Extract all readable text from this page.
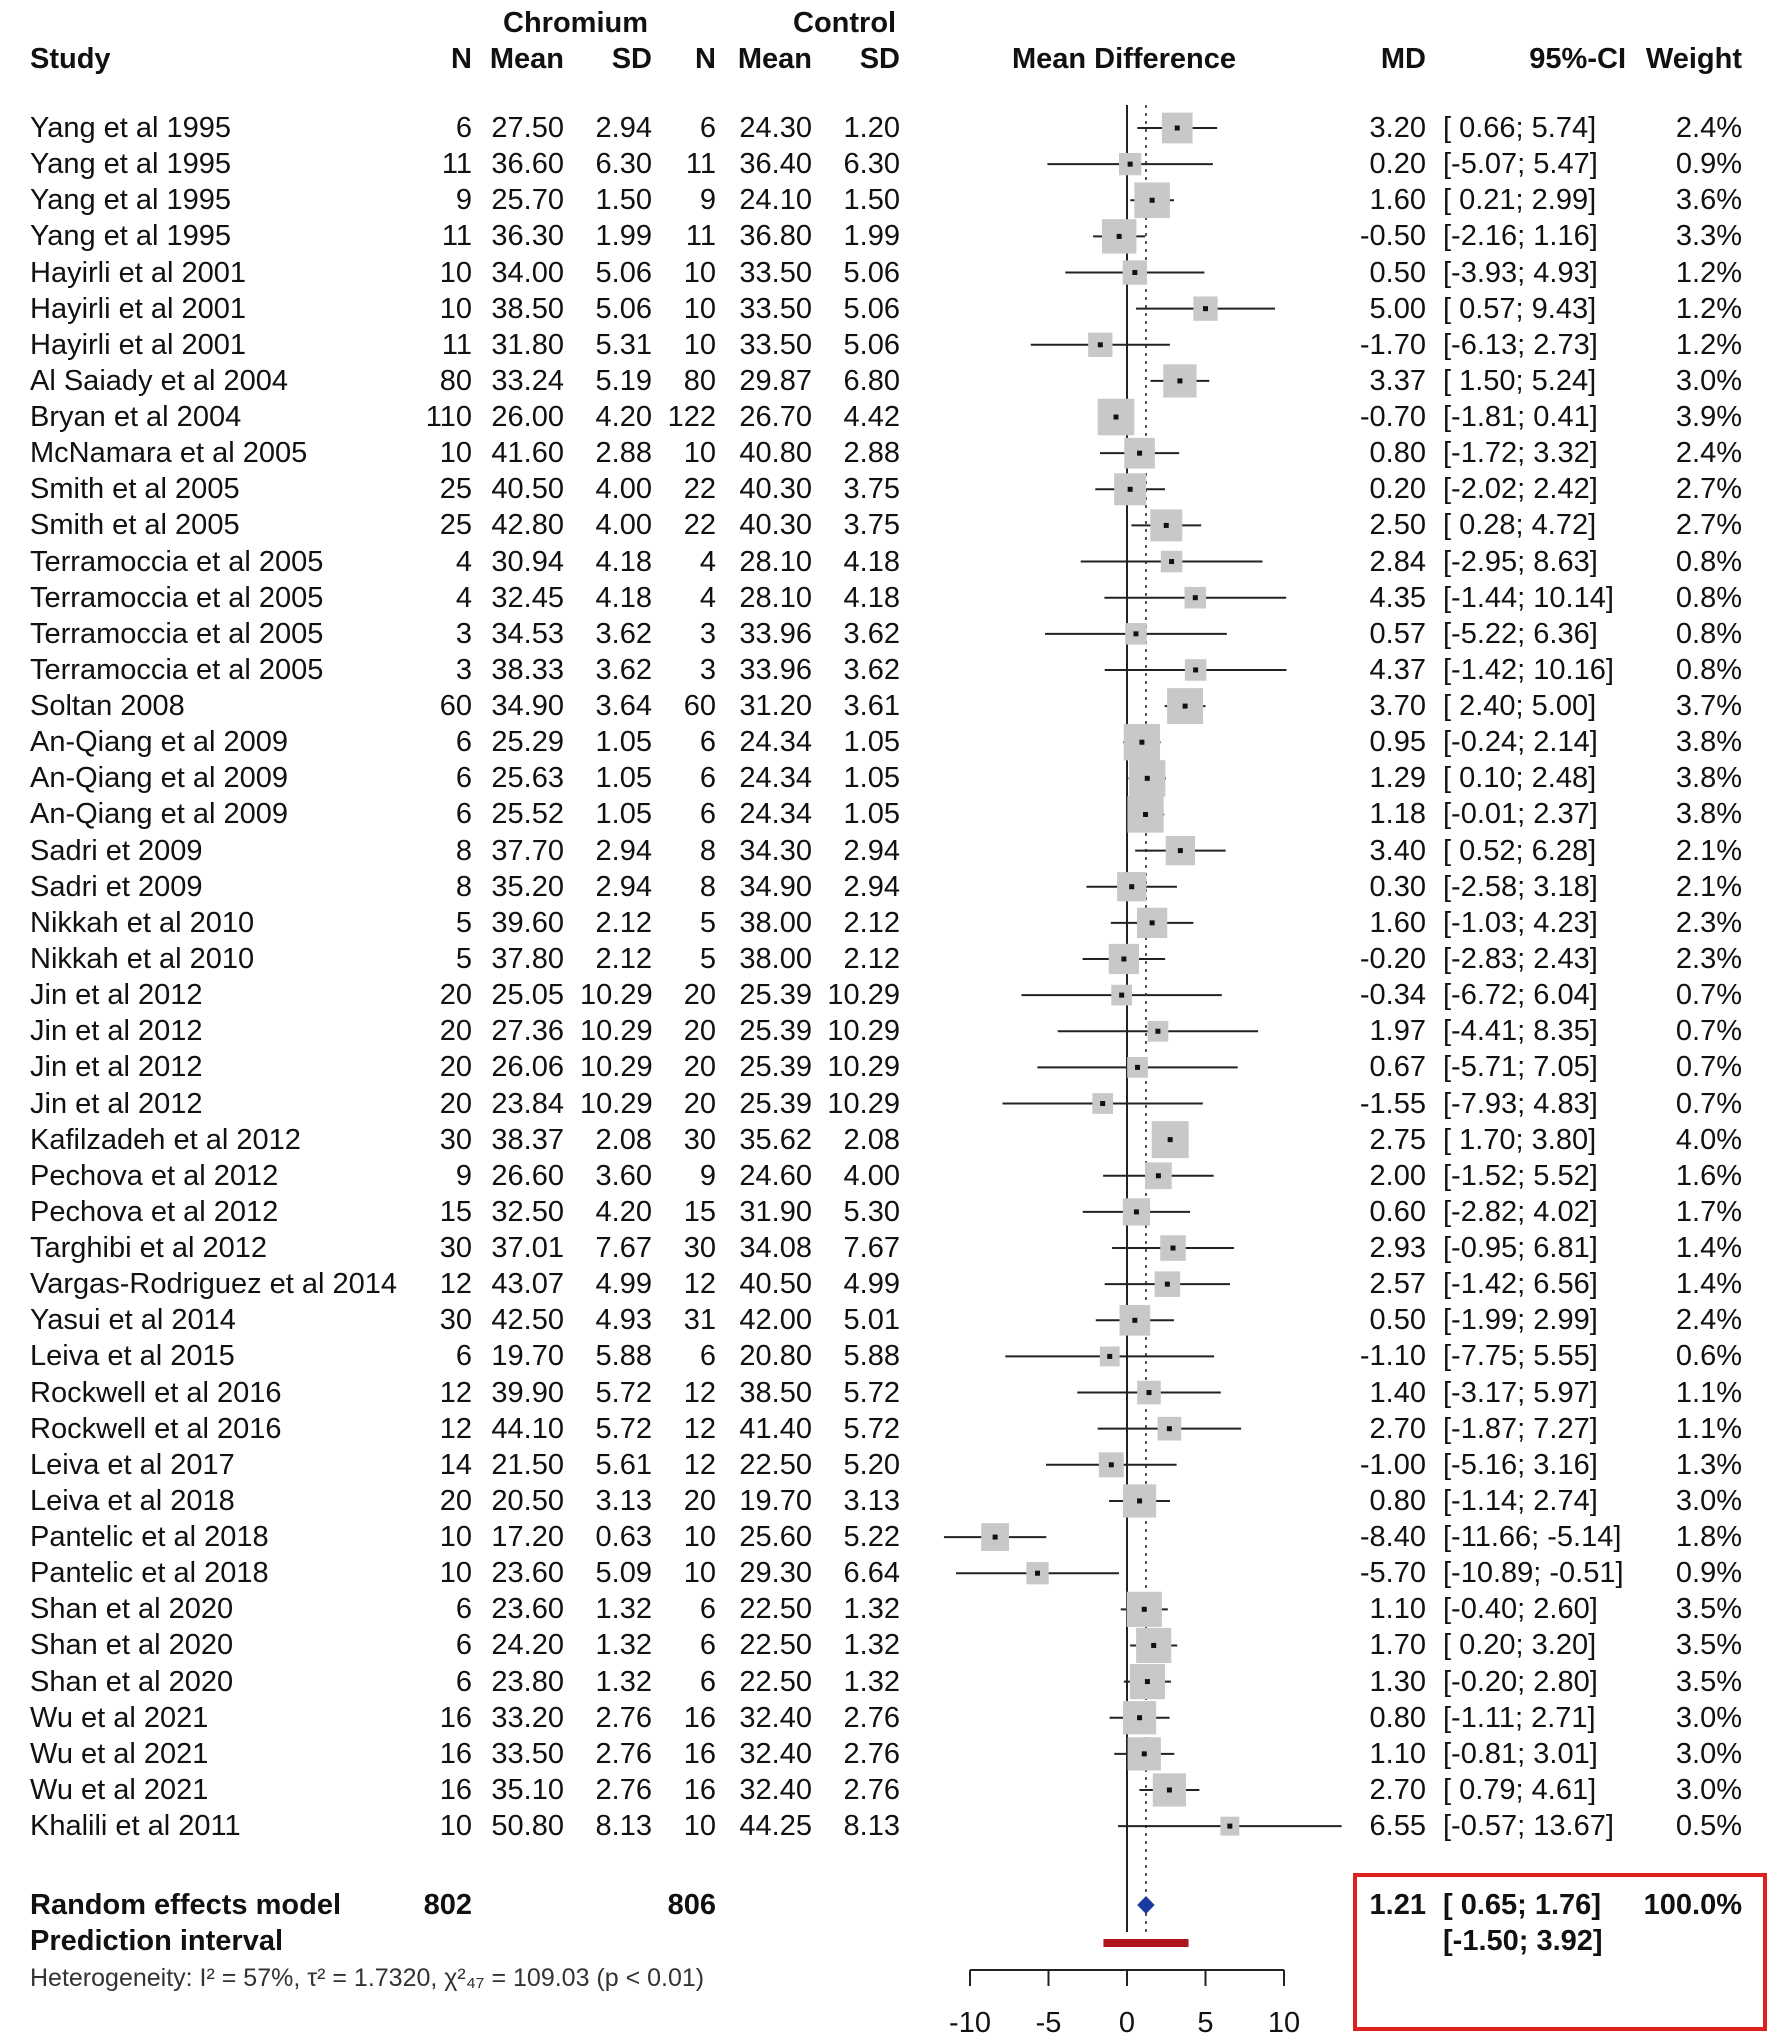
Chromium	Control
Study	N Mean	SD	N Mean	SD	Mean Difference	MD	95%-CI Weight
Yang et al 1995	6 27.50	2.94	6 24.30	1.20	3.20 [ 0.66; 5.74]	2.4%
Yang et al 1995	11 36.60	6.30	11 36.40	6.30	0.20 [-5.07; 5.47]	0.9%
Yang et al 1995	9 25.70	1.50	9 24.10	1.50	1.60 [ 0.21; 2.99]	3.6%
Yang et al 1995	11 36.30	1.99	11 36.80	1.99	-0.50 [-2.16; 1.16]	3.3%
Hayirli et al 2001	10 34.00	5.06	10 33.50	5.06	0.50 [-3.93; 4.93]	1.2%
Hayirli et al 2001	10 38.50	5.06	10 33.50	5.06	5.00 [ 0.57; 9.43]	1.2%
Hayirli et al 2001	11 31.80	5.31	10 33.50	5.06	-1.70 [-6.13; 2.73]	1.2%
Al Saiady et al 2004	80 33.24	5.19	80 29.87	6.80	3.37 [ 1.50; 5.24]	3.0%
Bryan et al 2004	110 26.00	4.20 122 26.70	4.42	-0.70 [-1.81; 0.41]	3.9%
McNamara et al 2005	10 41.60	2.88	10 40.80	2.88	0.80 [-1.72; 3.32]	2.4%
Smith et al 2005	25 40.50	4.00	22 40.30	3.75	0.20 [-2.02; 2.42]	2.7%
Smith et al 2005	25 42.80	4.00	22 40.30	3.75	2.50 [ 0.28; 4.72]	2.7%
Terramoccia et al 2005	4 30.94	4.18	4 28.10	4.18	2.84 [-2.95; 8.63]	0.8%
Terramoccia et al 2005	4 32.45	4.18	4 28.10	4.18	4.35 [-1.44; 10.14]	0.8%
Terramoccia et al 2005	3 34.53	3.62	3 33.96	3.62	0.57 [-5.22; 6.36]	0.8%
Terramoccia et al 2005	3 38.33	3.62	3 33.96	3.62	4.37 [-1.42; 10.16]	0.8%
Soltan 2008	60 34.90	3.64	60 31.20	3.61	3.70 [ 2.40; 5.00]	3.7%
An-Qiang et al 2009	6 25.29	1.05	6 24.34	1.05	0.95 [-0.24; 2.14]	3.8%
An-Qiang et al 2009	6 25.63	1.05	6 24.34	1.05	1.29 [ 0.10; 2.48]	3.8%
An-Qiang et al 2009	6 25.52	1.05	6 24.34	1.05	1.18 [-0.01; 2.37]	3.8%
Sadri et 2009	8 37.70	2.94	8 34.30	2.94	3.40 [ 0.52; 6.28]	2.1%
Sadri et 2009	8 35.20	2.94	8 34.90	2.94	0.30 [-2.58; 3.18]	2.1%
Nikkah et al 2010	5 39.60	2.12	5 38.00	2.12	1.60 [-1.03; 4.23]	2.3%
Nikkah et al 2010	5 37.80	2.12	5 38.00	2.12	-0.20 [-2.83; 2.43]	2.3%
Jin et al 2012	20 25.05 10.29	20 25.39 10.29	-0.34 [-6.72; 6.04]	0.7%
Jin et al 2012	20 27.36 10.29	20 25.39 10.29	1.97 [-4.41; 8.35]	0.7%
Jin et al 2012	20 26.06 10.29	20 25.39 10.29	0.67 [-5.71; 7.05]	0.7%
Jin et al 2012	20 23.84 10.29	20 25.39 10.29	-1.55 [-7.93; 4.83]	0.7%
Kafilzadeh et al 2012	30 38.37	2.08	30 35.62	2.08	2.75 [ 1.70; 3.80]	4.0%
Pechova et al 2012	9 26.60	3.60	9 24.60	4.00	2.00 [-1.52; 5.52]	1.6%
Pechova et al 2012	15 32.50	4.20	15 31.90	5.30	0.60 [-2.82; 4.02]	1.7%
Targhibi et al 2012	30 37.01	7.67	30 34.08	7.67	2.93 [-0.95; 6.81]	1.4%
Vargas-Rodriguez et al 2014	12 43.07	4.99	12 40.50	4.99	2.57 [-1.42; 6.56]	1.4%
Yasui et al 2014	30 42.50	4.93	31 42.00	5.01	0.50 [-1.99; 2.99]	2.4%
Leiva et al 2015	6 19.70	5.88	6 20.80	5.88	-1.10 [-7.75; 5.55]	0.6%
Rockwell et al 2016	12 39.90	5.72	12 38.50	5.72	1.40 [-3.17; 5.97]	1.1%
Rockwell et al 2016	12 44.10	5.72	12 41.40	5.72	2.70 [-1.87; 7.27]	1.1%
Leiva et al 2017	14 21.50	5.61	12 22.50	5.20	-1.00 [-5.16; 3.16]	1.3%
Leiva et al 2018	20 20.50	3.13	20 19.70	3.13	0.80 [-1.14; 2.74]	3.0%
Pantelic et al 2018	10 17.20	0.63	10 25.60	5.22	-8.40 [-11.66; -5.14]	1.8%
Pantelic et al 2018	10 23.60	5.09	10 29.30	6.64	-5.70 [-10.89; -0.51]	0.9%
Shan et al 2020	6 23.60	1.32	6 22.50	1.32	1.10 [-0.40; 2.60]	3.5%
Shan et al 2020	6 24.20	1.32	6 22.50	1.32	1.70 [ 0.20; 3.20]	3.5%
Shan et al 2020	6 23.80	1.32	6 22.50	1.32	1.30 [-0.20; 2.80]	3.5%
Wu et al 2021	16 33.20	2.76	16 32.40	2.76	0.80 [-1.11; 2.71]	3.0%
Wu et al 2021	16 33.50	2.76	16 32.40	2.76	1.10 [-0.81; 3.01]	3.0%
Wu et al 2021	16 35.10	2.76	16 32.40	2.76	2.70 [ 0.79; 4.61]	3.0%
Khalili et al 2011	10 50.80	8.13	10 44.25	8.13	6.55 [-0.57; 13.67]	0.5%
Random effects model	802	806	1.21 [ 0.65; 1.76]	100.0%
Prediction interval	[-1.50; 3.92]
Heterogeneity: I² = 57%, τ² = 1.7320, χ²₄₇ = 109.03 (p < 0.01)
-10	-5	0	5	10
